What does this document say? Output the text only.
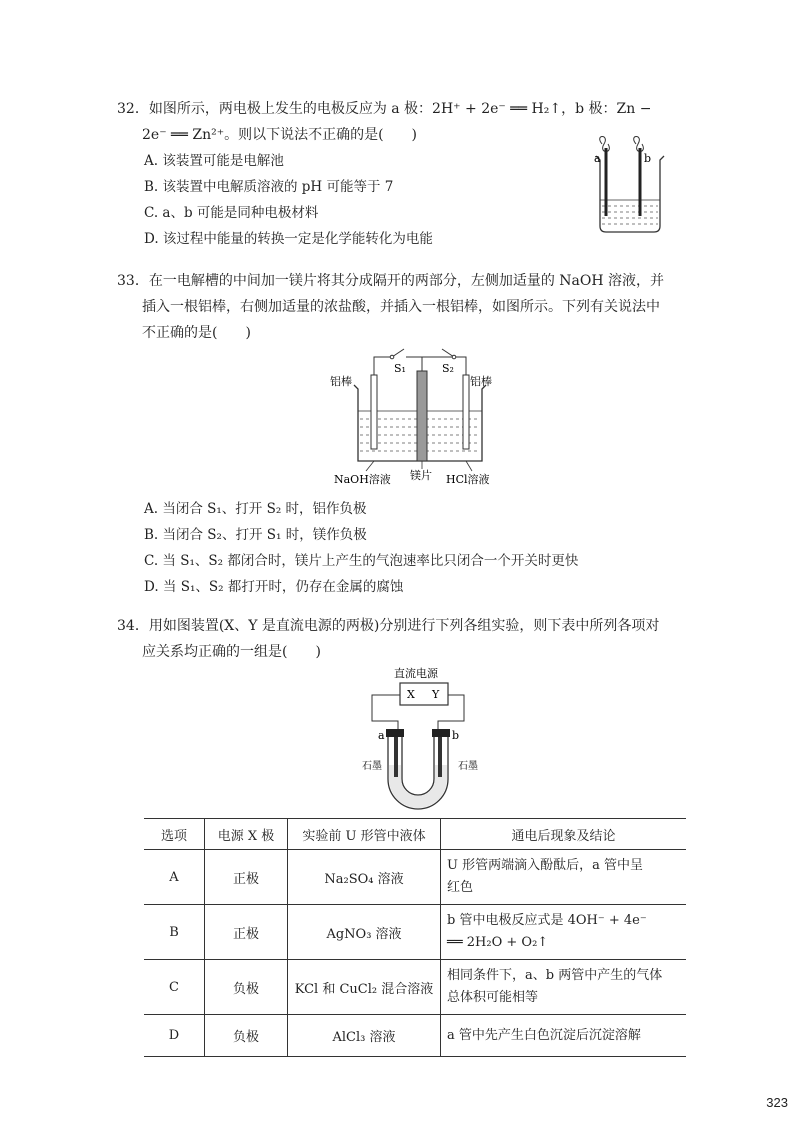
32．如图所示，两电极上发生的电极反应为 a 极：2H⁺ + 2e⁻ ══ H₂↑，b 极：Zn −
2e⁻ ══ Zn²⁺。则以下说法不正确的是(　　)
A. 该装置可能是电解池
B. 该装置中电解质溶液的 pH 可能等于 7
C. a、b 可能是同种电极材料
D. 该过程中能量的转换一定是化学能转化为电能
a	b
33．在一电解槽的中间加一镁片将其分成隔开的两部分，左侧加适量的 NaOH 溶液，并
插入一根铝棒，右侧加适量的浓盐酸，并插入一根铝棒，如图所示。下列有关说法中
不正确的是(　　)
S₁	S₂
铝棒	铝棒
NaOH溶液 镁片 HCl溶液
A. 当闭合 S₁、打开 S₂ 时，铝作负极
B. 当闭合 S₂、打开 S₁ 时，镁作负极
C. 当 S₁、S₂ 都闭合时，镁片上产生的气泡速率比只闭合一个开关时更快
D. 当 S₁、S₂ 都打开时，仍存在金属的腐蚀
34．用如图装置(X、Y 是直流电源的两极)分别进行下列各组实验，则下表中所列各项对
应关系均正确的一组是(　　)
直流电源
X Y
a	b
石墨	石墨
选项	电源 X 极	实验前 U 形管中液体	通电后现象及结论
A	正极	Na₂SO₄ 溶液	U 形管两端滴入酚酞后，a 管中呈
红色
B	正极	AgNO₃ 溶液	b 管中电极反应式是 4OH⁻ + 4e⁻
══ 2H₂O + O₂↑
C	负极	KCl 和 CuCl₂ 混合溶液	相同条件下，a、b 两管中产生的气体
总体积可能相等
D	负极	AlCl₃ 溶液	a 管中先产生白色沉淀后沉淀溶解
323
